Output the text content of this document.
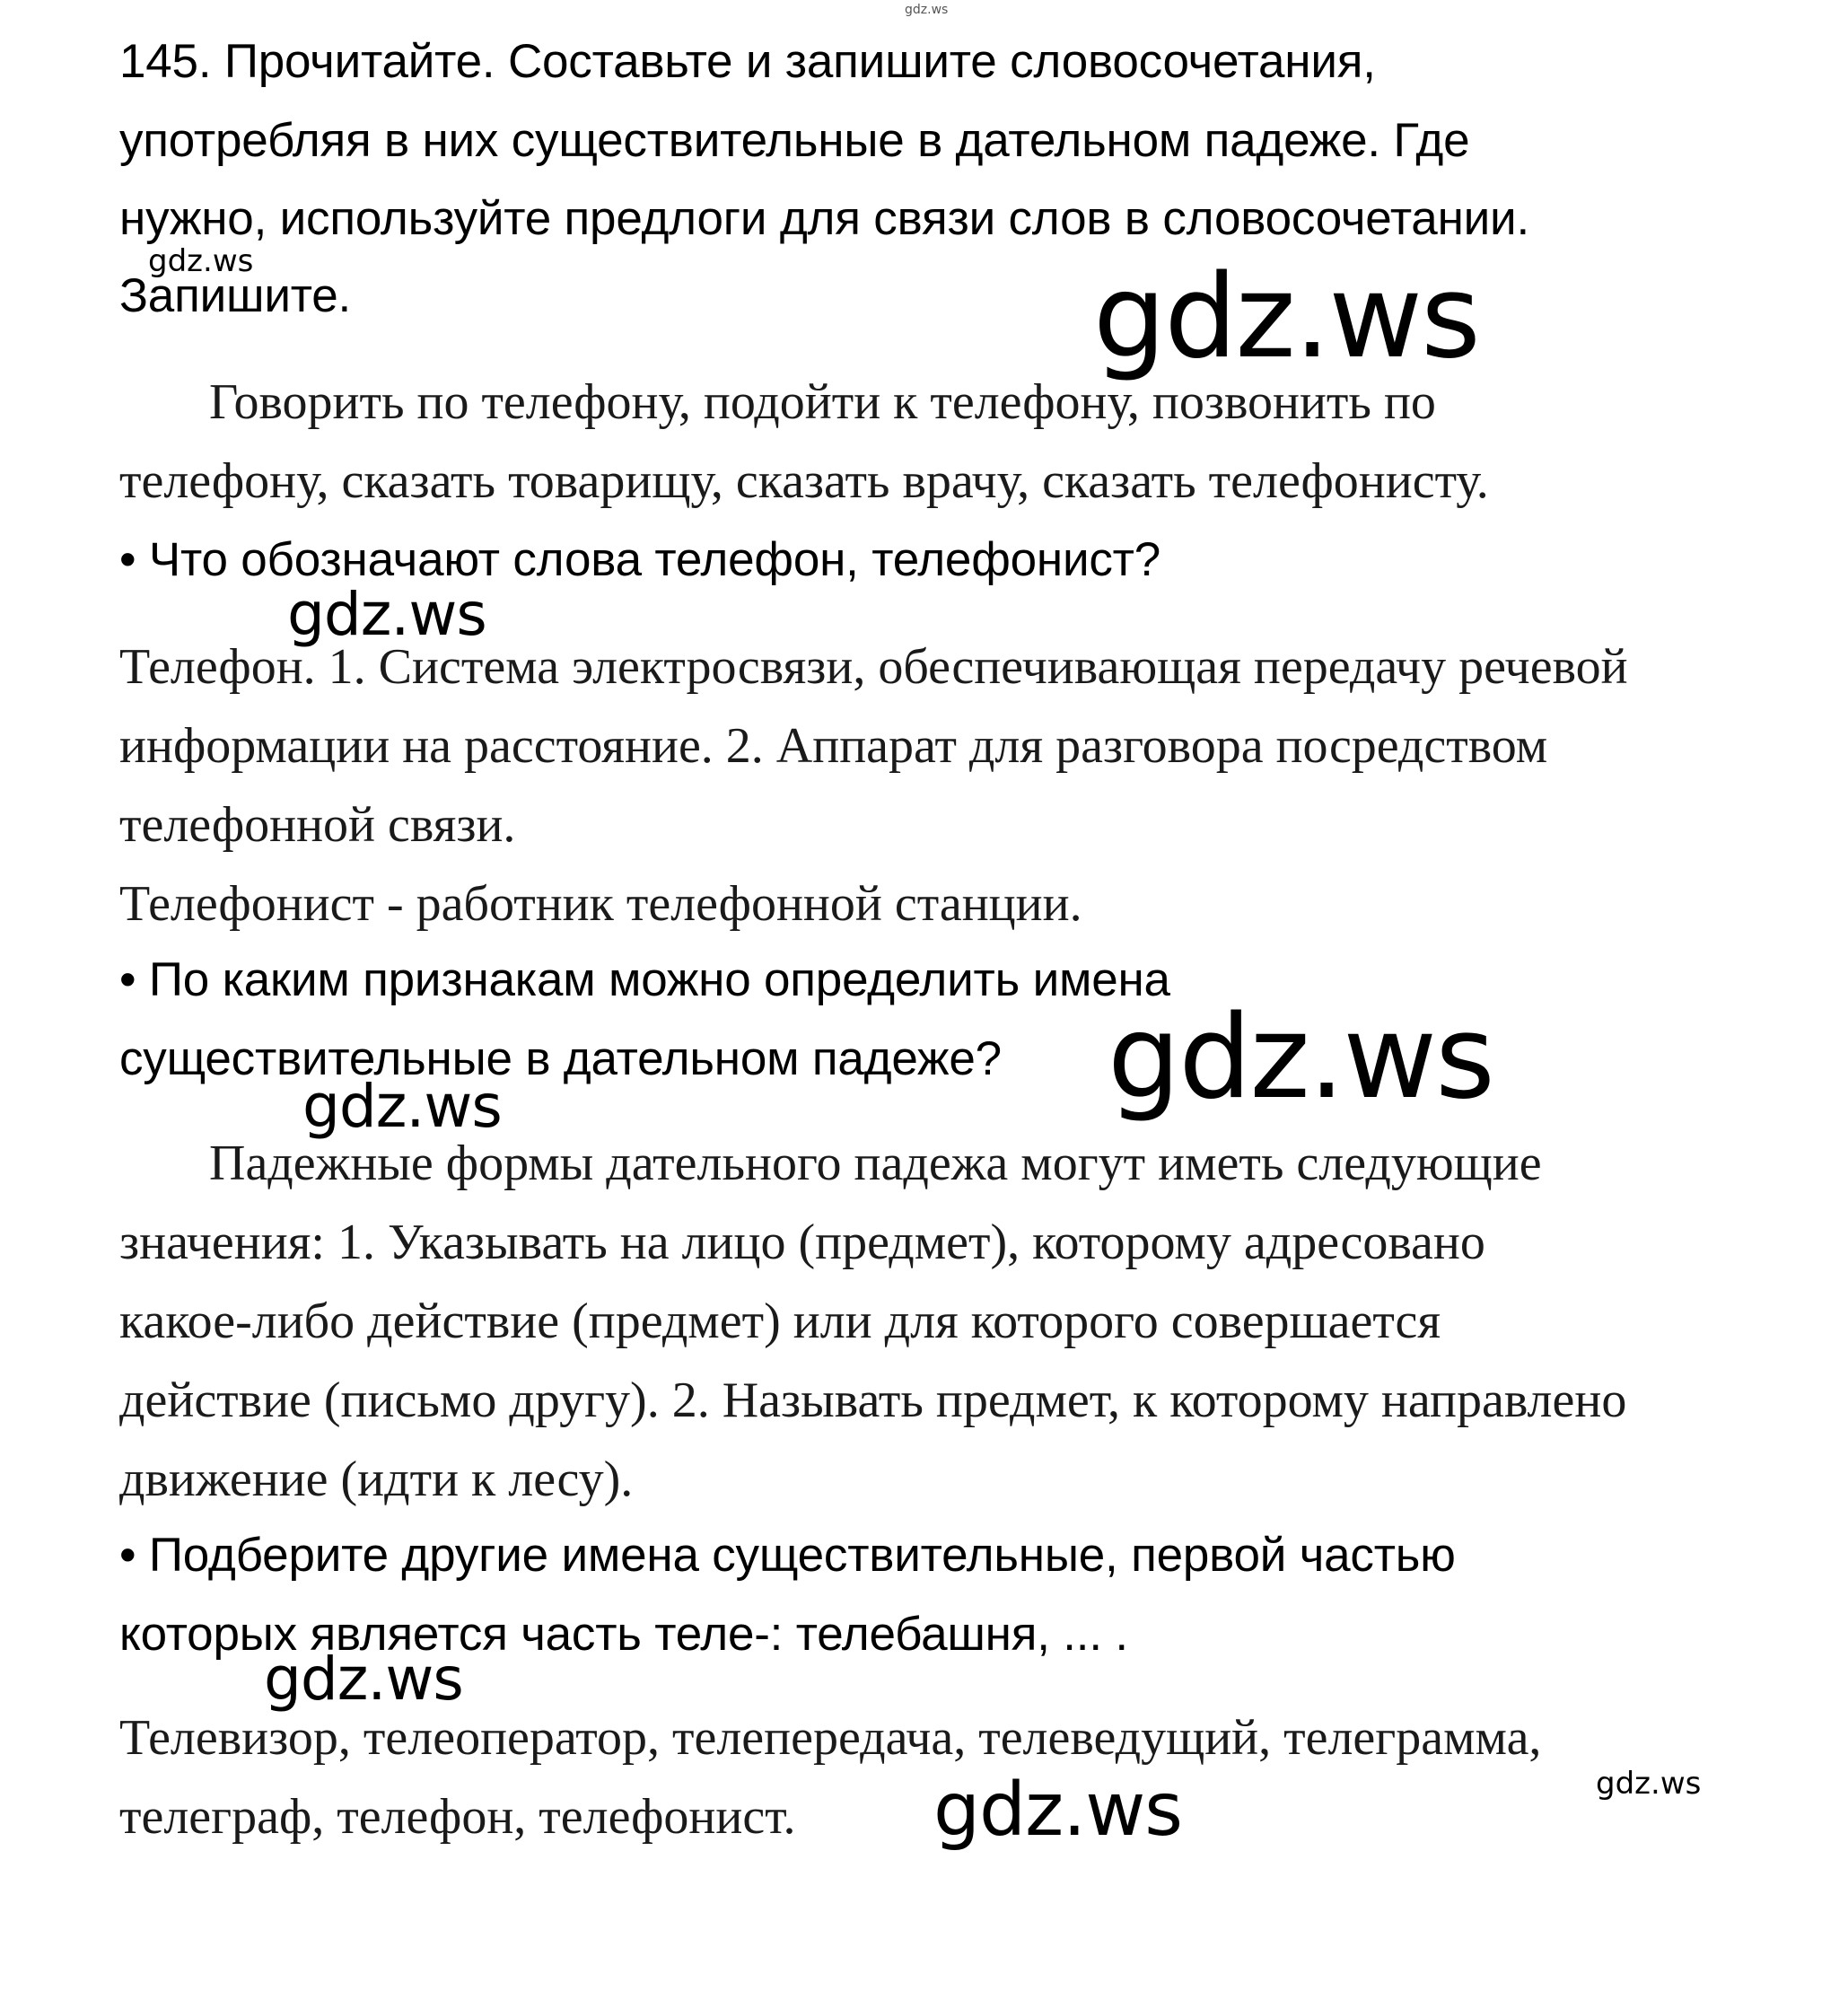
145. Прочитайте. Составьте и запишите словосочетания,
употребляя в них существительные в дательном падеже. Где
нужно, используйте предлоги для связи слов в словосочетании.
Запишите.
Говорить по телефону, подойти к телефону, позвонить по
телефону, сказать товарищу, сказать врачу, сказать телефонисту.
• Что обозначают слова телефон, телефонист?
Телефон. 1. Система электросвязи, обеспечивающая передачу речевой
информации на расстояние. 2. Аппарат для разговора посредством
телефонной связи.
Телефонист - работник телефонной станции.
• По каким признакам можно определить имена
существительные в дательном падеже?
Падежные формы дательного падежа могут иметь следующие
значения: 1. Указывать на лицо (предмет), которому адресовано
какое-либо действие (предмет) или для которого совершается
действие (письмо другу). 2. Называть предмет, к которому направлено
движение (идти к лесу).
• Подберите другие имена существительные, первой частью
которых является часть теле-: телебашня, ... .
Телевизор, телеоператор, телепередача, телеведущий, телеграмма,
телеграф, телефон, телефонист.
gdz.ws
gdz.ws	gdz.ws
gdz.ws
gdz.ws
gdz.ws
gdz.ws
gdz.ws	gdz.ws
